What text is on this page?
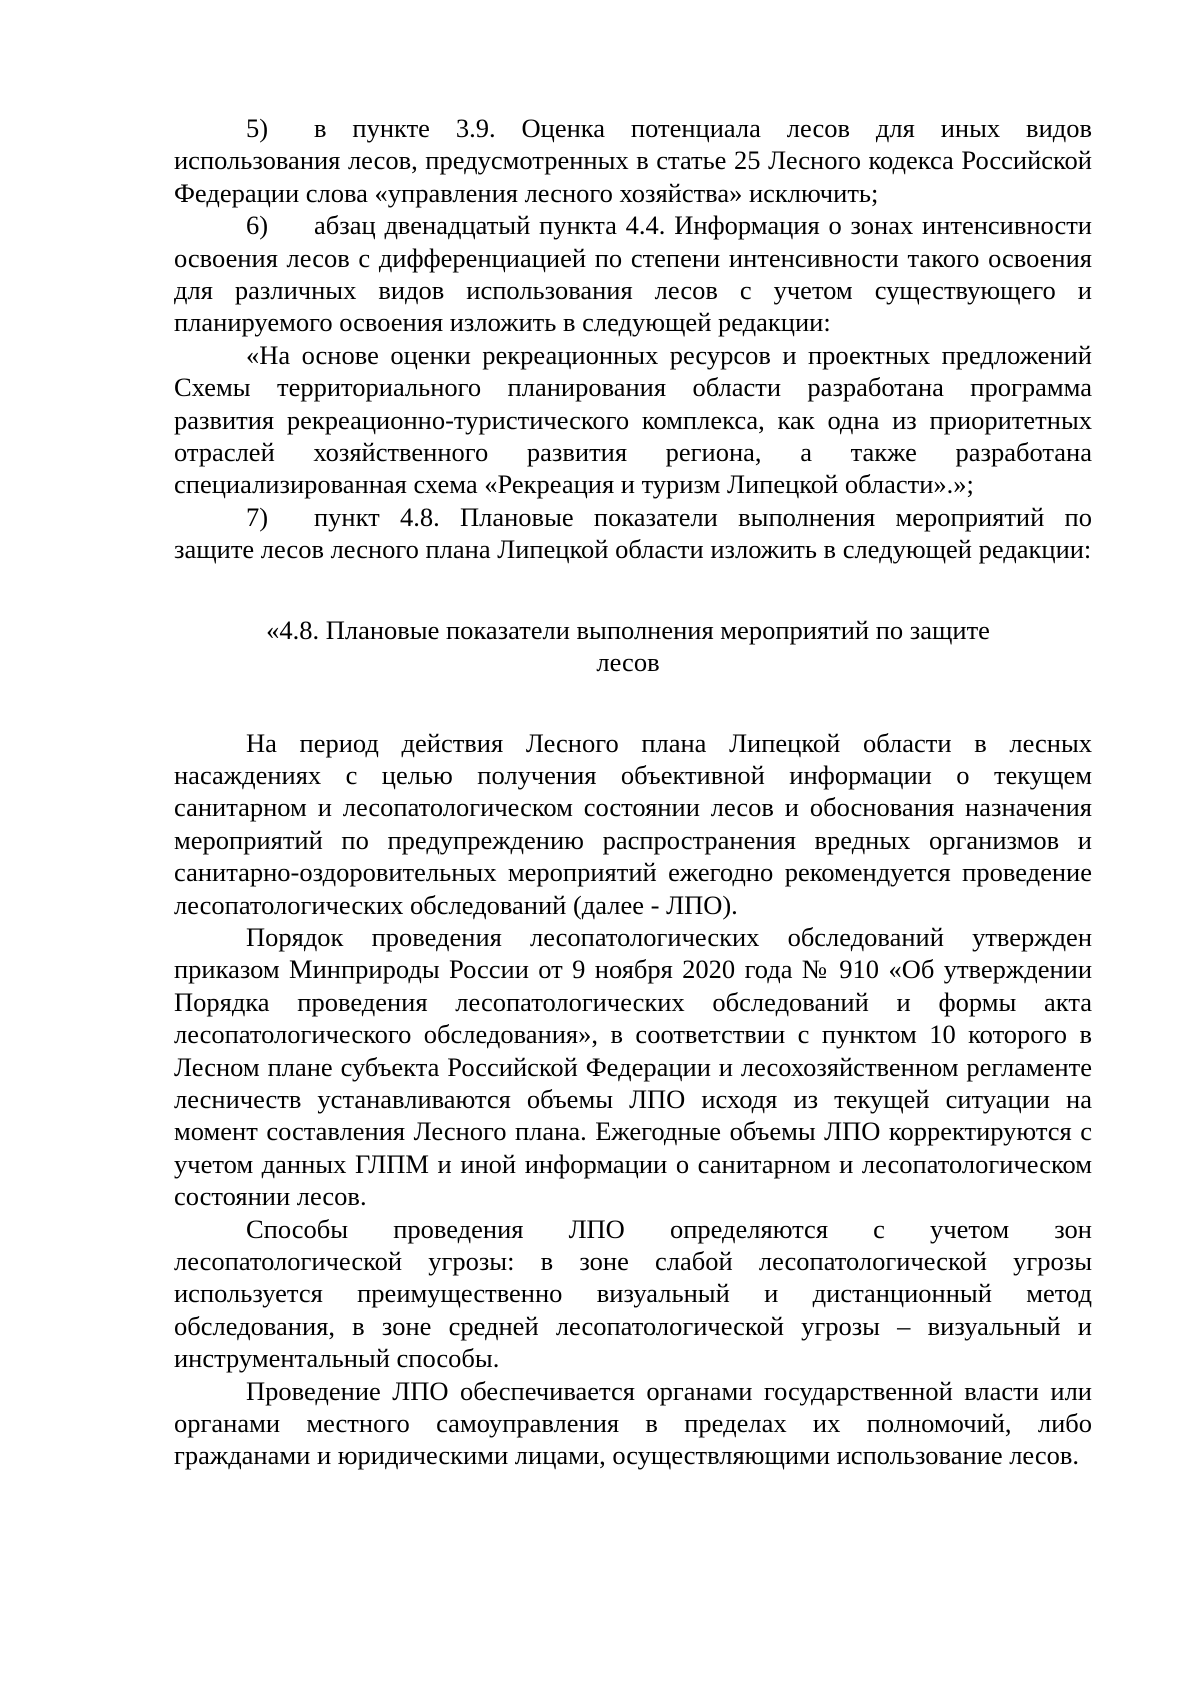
5) в пункте 3.9. Оценка потенциала лесов для иных видов использования лесов, предусмотренных в статье 25 Лесного кодекса Российской Федерации слова «управления лесного хозяйства» исключить;

6) абзац двенадцатый пункта 4.4. Информация о зонах интенсивности освоения лесов с дифференциацией по степени интенсивности такого освоения для различных видов использования лесов с учетом существующего и планируемого освоения изложить в следующей редакции:

«На основе оценки рекреационных ресурсов и проектных предложений Схемы территориального планирования области разработана программа развития рекреационно-туристического комплекса, как одна из приоритетных отраслей хозяйственного развития региона, а также разработана специализированная схема «Рекреация и туризм Липецкой области».»;

7) пункт 4.8. Плановые показатели выполнения мероприятий по защите лесов лесного плана Липецкой области изложить в следующей редакции:

«4.8. Плановые показатели выполнения мероприятий по защите
лесов

На период действия Лесного плана Липецкой области в лесных насаждениях с целью получения объективной информации о текущем санитарном и лесопатологическом состоянии лесов и обоснования назначения мероприятий по предупреждению распространения вредных организмов и санитарно-оздоровительных мероприятий ежегодно рекомендуется проведение лесопатологических обследований (далее - ЛПО).

Порядок проведения лесопатологических обследований утвержден приказом Минприроды России от 9 ноября 2020 года № 910 «Об утверждении Порядка проведения лесопатологических обследований и формы акта лесопатологического обследования», в соответствии с пунктом 10 которого в Лесном плане субъекта Российской Федерации и лесохозяйственном регламенте лесничеств устанавливаются объемы ЛПО исходя из текущей ситуации на момент составления Лесного плана. Ежегодные объемы ЛПО корректируются с учетом данных ГЛПМ и иной информации о санитарном и лесопатологическом состоянии лесов.

Способы проведения ЛПО определяются с учетом зон лесопатологической угрозы: в зоне слабой лесопатологической угрозы используется преимущественно визуальный и дистанционный метод обследования, в зоне средней лесопатологической угрозы – визуальный и инструментальный способы.

Проведение ЛПО обеспечивается органами государственной власти или органами местного самоуправления в пределах их полномочий, либо гражданами и юридическими лицами, осуществляющими использование лесов.
